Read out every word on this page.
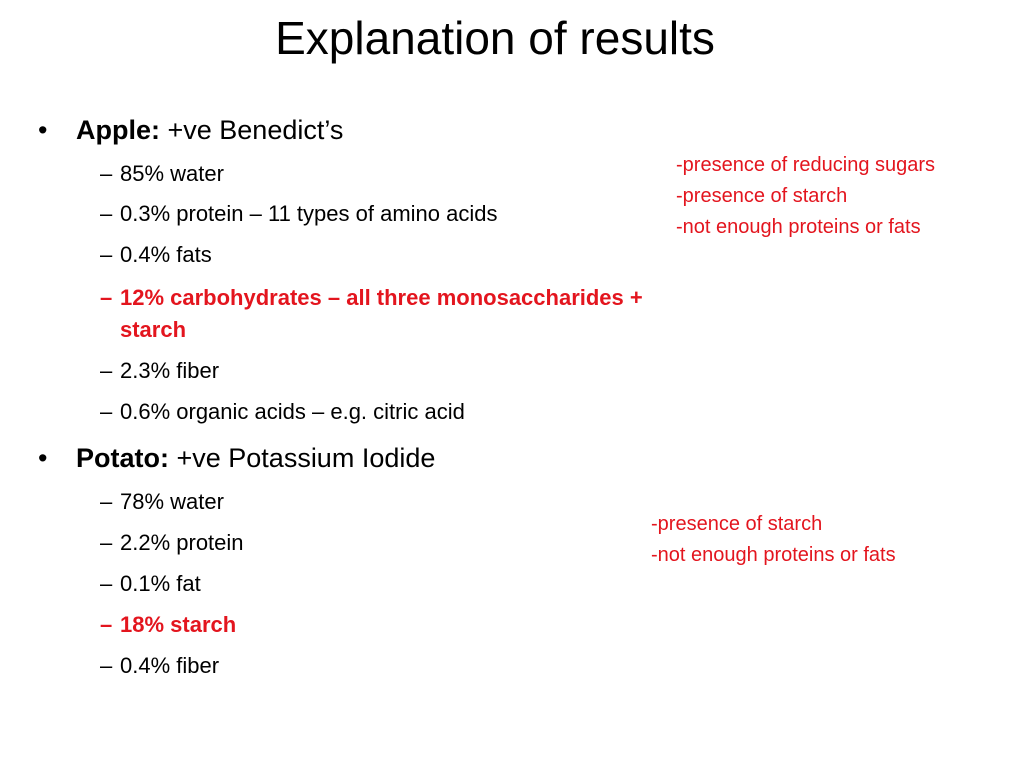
Explanation of results
• Apple: +ve Benedict’s
– 85% water
– 0.3% protein – 11 types of amino acids
– 0.4% fats
– 12% carbohydrates – all three monosaccharides +
starch
– 2.3% fiber
– 0.6% organic acids – e.g. citric acid
-presence of reducing sugars
-presence of starch
-not enough proteins or fats
• Potato: +ve Potassium Iodide
– 78% water
– 2.2% protein
– 0.1% fat
– 18% starch
– 0.4% fiber
-presence of starch
-not enough proteins or fats
